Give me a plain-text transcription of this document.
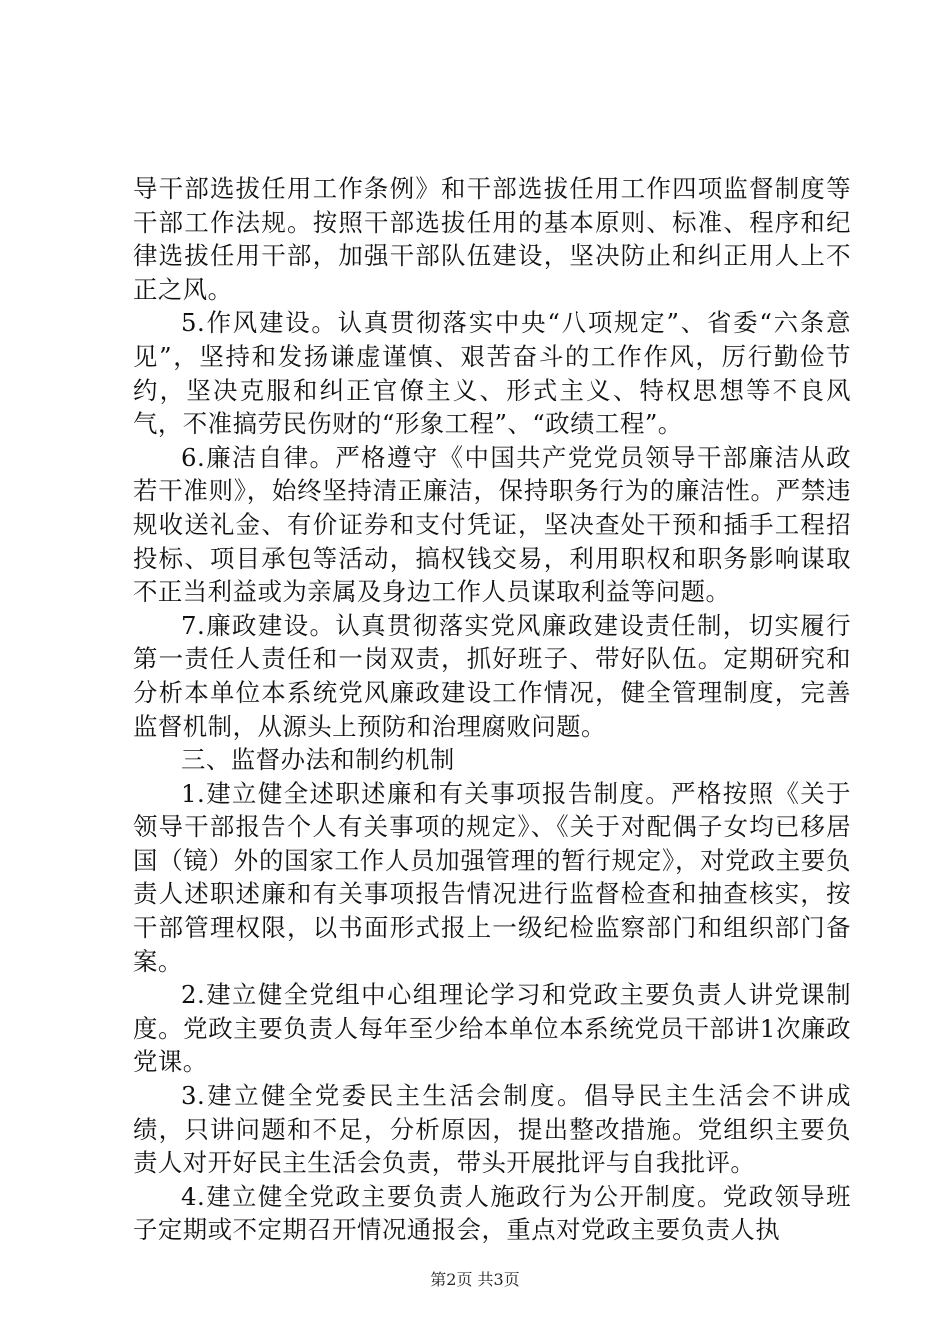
导干部选拔任用工作条例》和干部选拔任用工作四项监督制度等干部工作法规。按照干部选拔任用的基本原则、标准、程序和纪律选拔任用干部，加强干部队伍建设，坚决防止和纠正用人上不正之风。

5.作风建设。认真贯彻落实中央“八项规定”、省委“六条意见”，坚持和发扬谦虚谨慎、艰苦奋斗的工作作风，厉行勤俭节约，坚决克服和纠正官僚主义、形式主义、特权思想等不良风气，不准搞劳民伤财的“形象工程”、“政绩工程”。

6.廉洁自律。严格遵守《中国共产党党员领导干部廉洁从政若干准则》，始终坚持清正廉洁，保持职务行为的廉洁性。严禁违规收送礼金、有价证券和支付凭证，坚决查处干预和插手工程招投标、项目承包等活动，搞权钱交易，利用职权和职务影响谋取不正当利益或为亲属及身边工作人员谋取利益等问题。

7.廉政建设。认真贯彻落实党风廉政建设责任制，切实履行第一责任人责任和一岗双责，抓好班子、带好队伍。定期研究和分析本单位本系统党风廉政建设工作情况，健全管理制度，完善监督机制，从源头上预防和治理腐败问题。

三、监督办法和制约机制

1.建立健全述职述廉和有关事项报告制度。严格按照《关于领导干部报告个人有关事项的规定》、《关于对配偶子女均已移居国（镜）外的国家工作人员加强管理的暂行规定》，对党政主要负责人述职述廉和有关事项报告情况进行监督检查和抽查核实，按干部管理权限，以书面形式报上一级纪检监察部门和组织部门备案。

2.建立健全党组中心组理论学习和党政主要负责人讲党课制度。党政主要负责人每年至少给本单位本系统党员干部讲1次廉政党课。

3.建立健全党委民主生活会制度。倡导民主生活会不讲成绩，只讲问题和不足，分析原因，提出整改措施。党组织主要负责人对开好民主生活会负责，带头开展批评与自我批评。

4.建立健全党政主要负责人施政行为公开制度。党政领导班子定期或不定期召开情况通报会，重点对党政主要负责人执

第2页 共3页
